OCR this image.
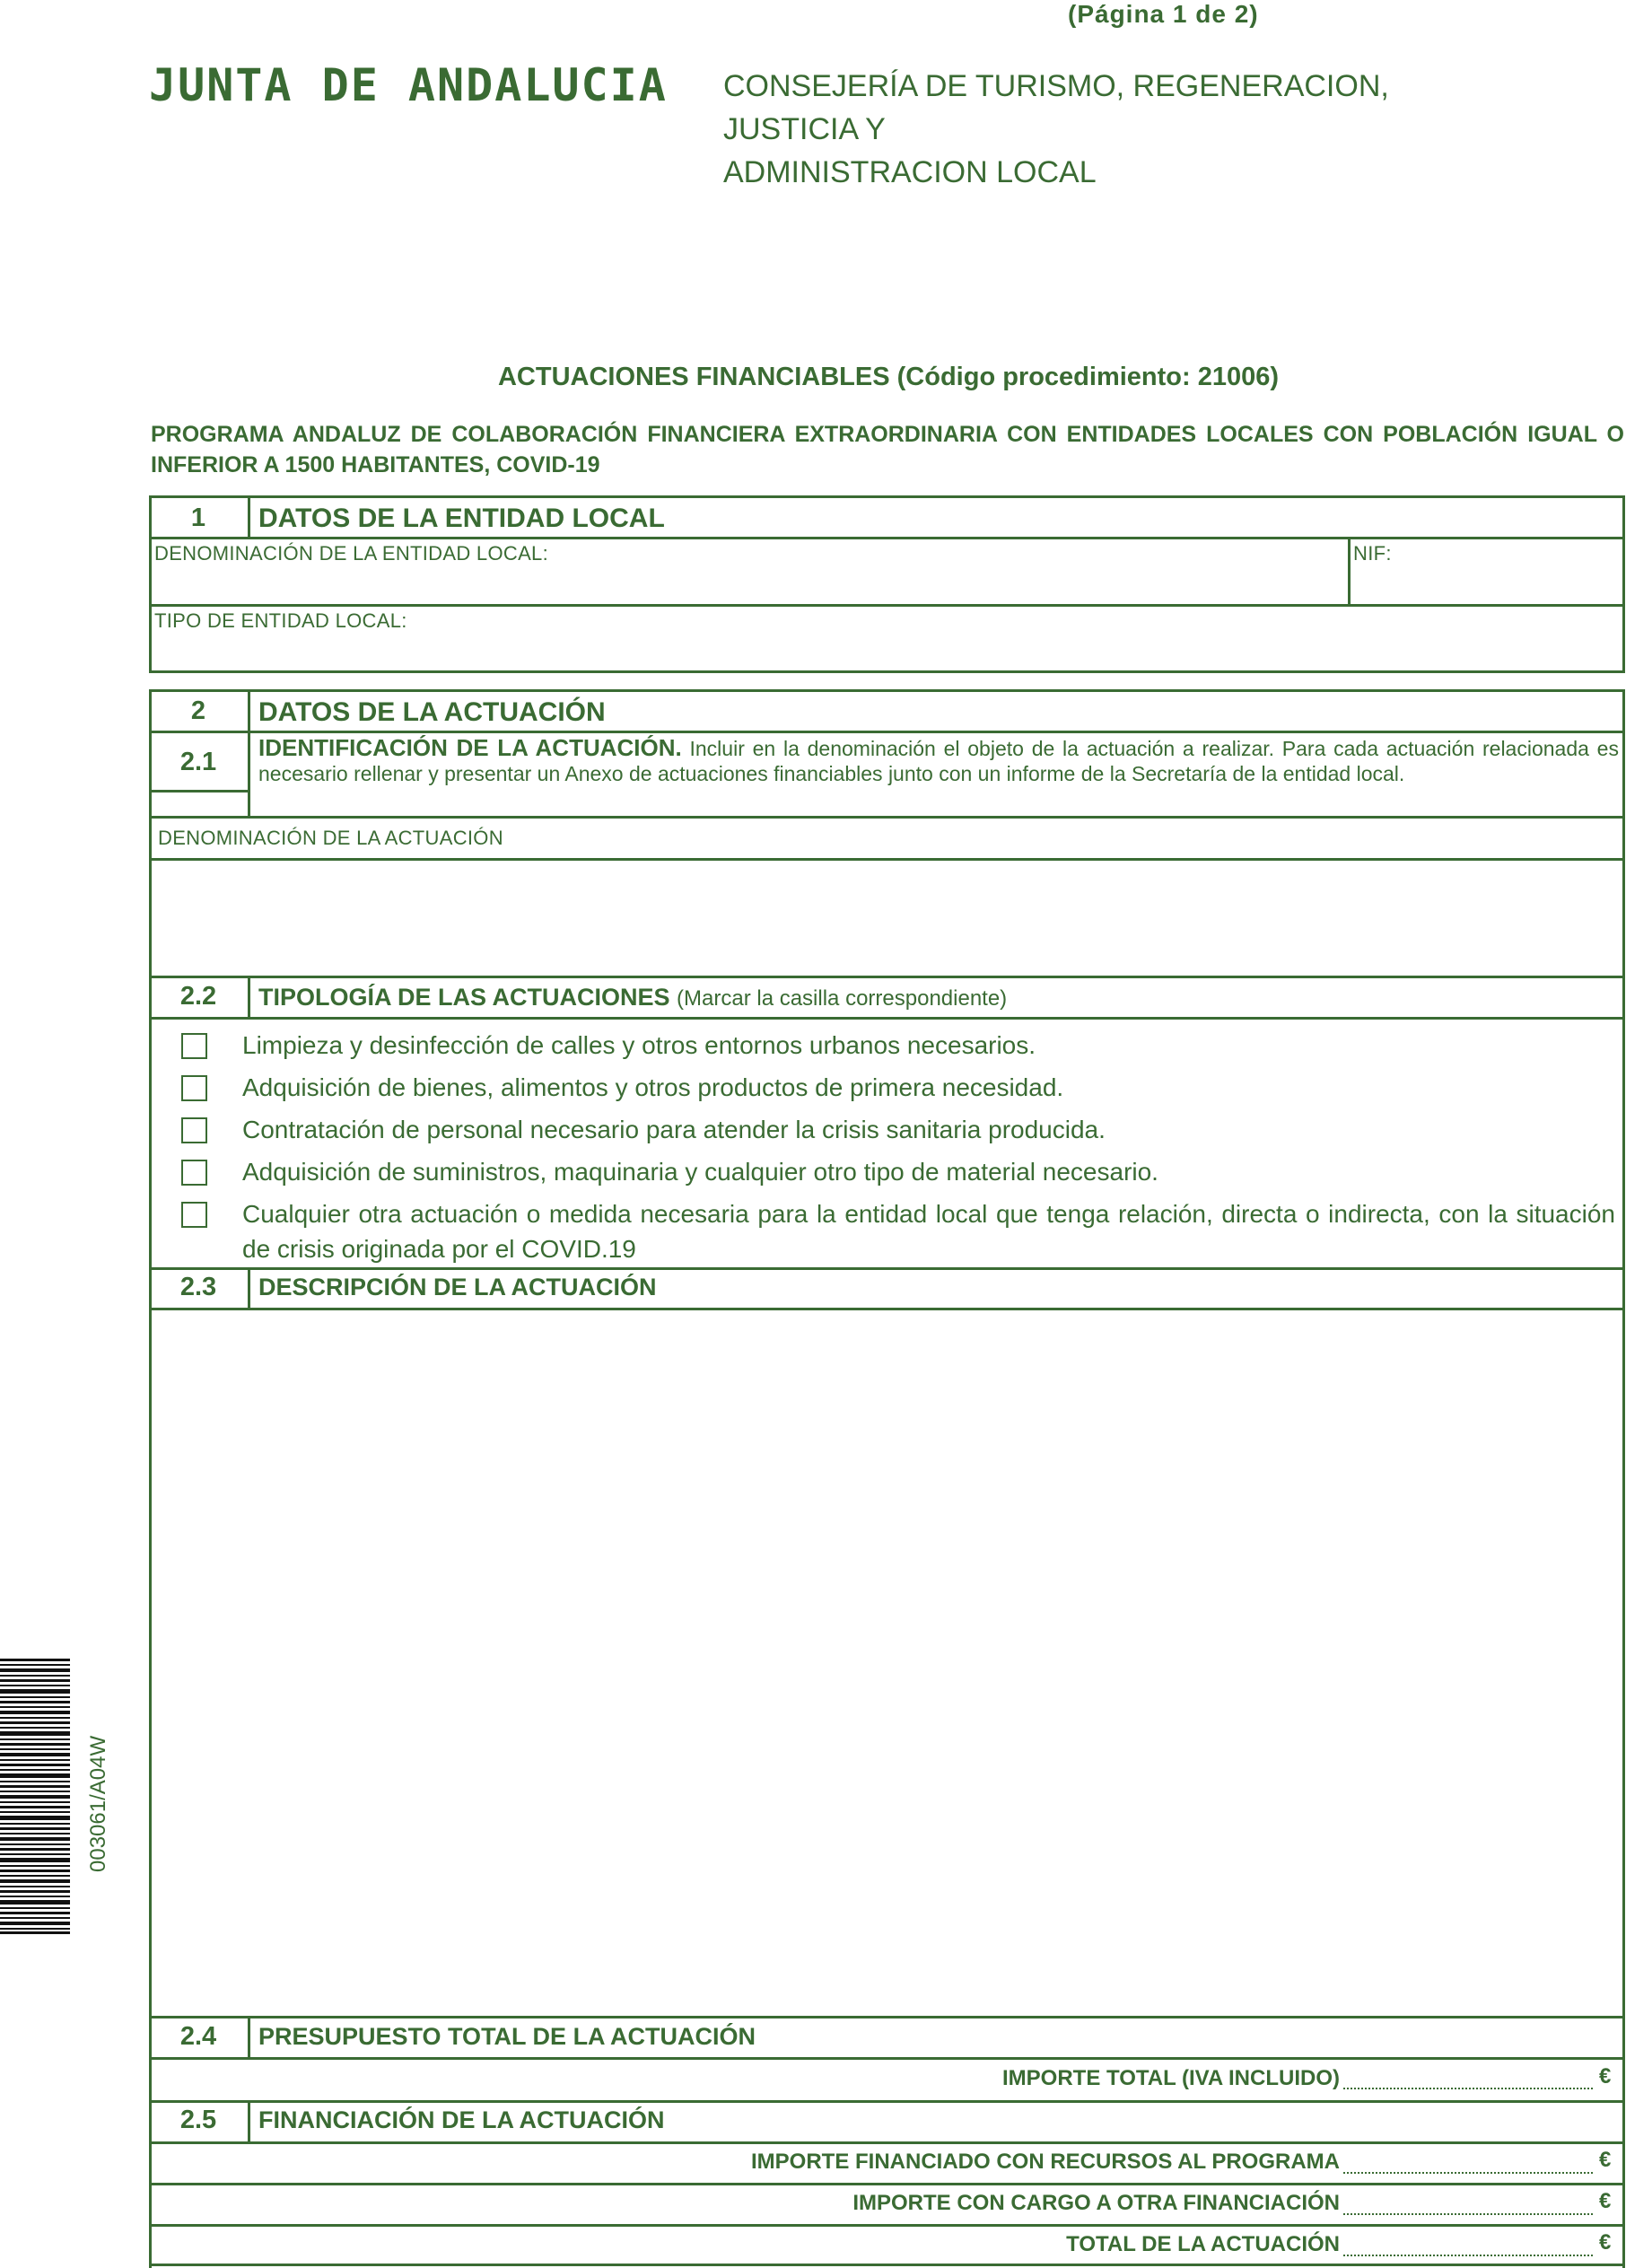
(Página 1 de 2)
JUNTA DE ANDALUCIA CONSEJERÍA DE TURISMO, REGENERACION, JUSTICIA Y
ADMINISTRACION LOCAL
ACTUACIONES FINANCIABLES (Código procedimiento: 21006)
PROGRAMA ANDALUZ DE COLABORACIÓN FINANCIERA EXTRAORDINARIA CON ENTIDADES LOCALES CON POBLACIÓN IGUAL O INFERIOR A 1500 HABITANTES, COVID-19
1	DATOS DE LA ENTIDAD LOCAL
DENOMINACIÓN DE LA ENTIDAD LOCAL:	NIF:
TIPO DE ENTIDAD LOCAL:
2	DATOS DE LA ACTUACIÓN
2.1	IDENTIFICACIÓN DE LA ACTUACIÓN. Incluir en la denominación el objeto de la actuación a realizar. Para cada actuación relacionada es necesario rellenar y presentar un Anexo de actuaciones financiables junto con un informe de la Secretaría de la entidad local.
DENOMINACIÓN DE LA ACTUACIÓN
2.2	TIPOLOGÍA DE LAS ACTUACIONES (Marcar la casilla correspondiente)
Limpieza y desinfección de calles y otros entornos urbanos necesarios.
Adquisición de bienes, alimentos y otros productos de primera necesidad.
Contratación de personal necesario para atender la crisis sanitaria producida.
Adquisición de suministros, maquinaria y cualquier otro tipo de material necesario.
Cualquier otra actuación o medida necesaria para la entidad local que tenga relación, directa o indirecta, con la situación de crisis originada por el COVID.19
2.3	DESCRIPCIÓN DE LA ACTUACIÓN
2.4	PRESUPUESTO TOTAL DE LA ACTUACIÓN
IMPORTE TOTAL (IVA INCLUIDO)	€
2.5	FINANCIACIÓN DE LA ACTUACIÓN
IMPORTE FINANCIADO CON RECURSOS AL PROGRAMA	€
IMPORTE CON CARGO A OTRA FINANCIACIÓN	€
TOTAL DE LA ACTUACIÓN	€
003061/A04W
